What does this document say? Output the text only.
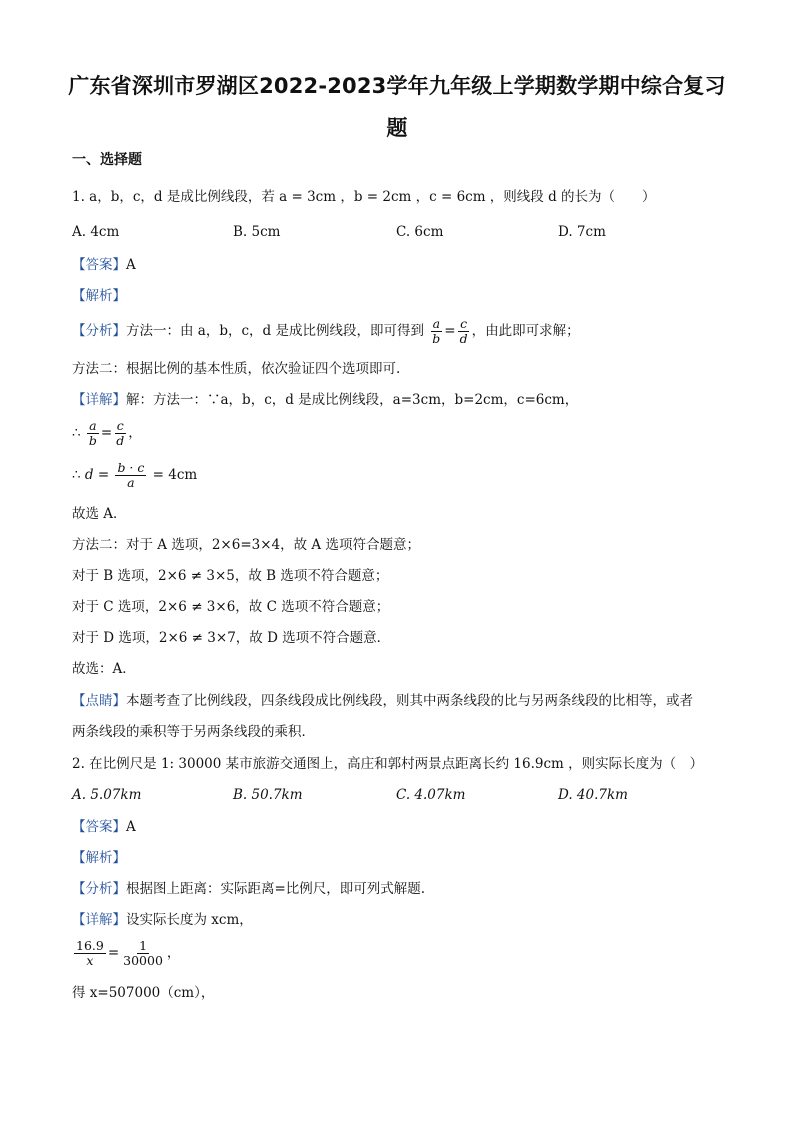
广东省深圳市罗湖区2022-2023学年九年级上学期数学期中综合复习
题
一、选择题
1. a，b，c，d 是成比例线段，若 a = 3cm ，b = 2cm ，c = 6cm ，则线段 d 的长为（　　）
A. 4cm	B. 5cm	C. 6cm	D. 7cm
【答案】A
【解析】
【分析】方法一：由 a，b，c，d 是成比例线段，即可得到 $\frac{a}{b} = \frac{c}{d}$ ，由此即可求解；
方法二：根据比例的基本性质，依次验证四个选项即可.
【详解】解：方法一：∵a，b，c，d 是成比例线段，a=3cm，b=2cm，c=6cm，
∴ $\frac{a}{b} = \frac{c}{d}$ ，
∴ $d = \frac{b \cdot c}{a} = 4cm$
故选 A．
方法二：对于 A 选项，2×6=3×4，故 A 选项符合题意；
对于 B 选项，2×6 ≠ 3×5，故 B 选项不符合题意；
对于 C 选项，2×6 ≠ 3×6，故 C 选项不符合题意；
对于 D 选项，2×6 ≠ 3×7，故 D 选项不符合题意．
故选：A．
【点睛】本题考查了比例线段，四条线段成比例线段，则其中两条线段的比与另两条线段的比相等，或者
两条线段的乘积等于另两条线段的乘积．
2. 在比例尺是 1: 30000 某市旅游交通图上，高庄和郭村两景点距离长约 16.9cm ，则实际长度为（　）
A. 5.07km	B. 50.7km	C. 4.07km	D. 40.7km
【答案】A
【解析】
【分析】根据图上距离：实际距离=比例尺，即可列式解题.
【详解】设实际长度为 xcm，
$\frac{16.9}{x} = \frac{1}{30000}$ ，
得 x=507000（cm），
